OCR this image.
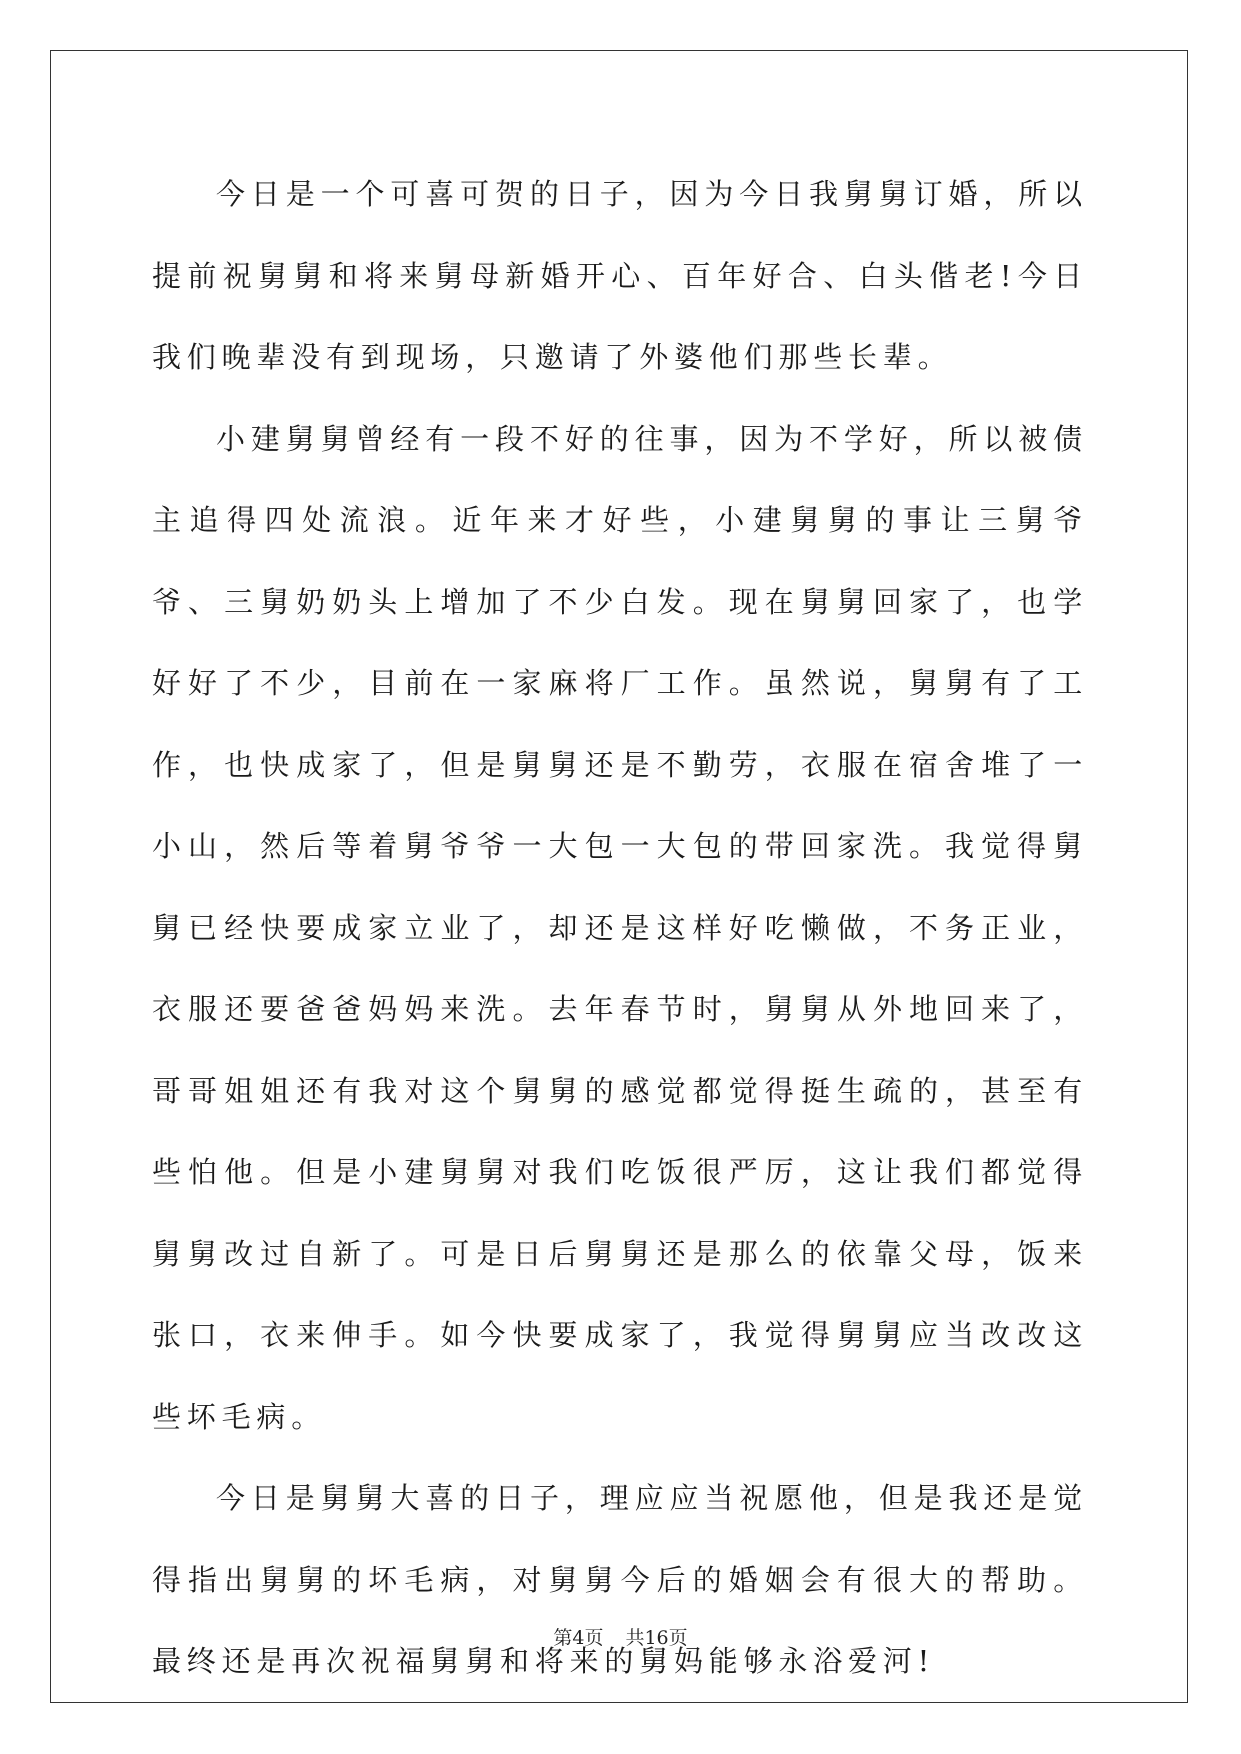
今日是一个可喜可贺的日子，因为今日我舅舅订婚，所以提前祝舅舅和将来舅母新婚开心、百年好合、白头偕老!今日我们晚辈没有到现场，只邀请了外婆他们那些长辈。

小建舅舅曾经有一段不好的往事，因为不学好，所以被债主追得四处流浪。近年来才好些，小建舅舅的事让三舅爷爷、三舅奶奶头上增加了不少白发。现在舅舅回家了，也学好好了不少，目前在一家麻将厂工作。虽然说，舅舅有了工作，也快成家了，但是舅舅还是不勤劳，衣服在宿舍堆了一小山，然后等着舅爷爷一大包一大包的带回家洗。我觉得舅舅已经快要成家立业了，却还是这样好吃懒做，不务正业，衣服还要爸爸妈妈来洗。去年春节时，舅舅从外地回来了，哥哥姐姐还有我对这个舅舅的感觉都觉得挺生疏的，甚至有些怕他。但是小建舅舅对我们吃饭很严厉，这让我们都觉得舅舅改过自新了。可是日后舅舅还是那么的依靠父母，饭来张口，衣来伸手。如今快要成家了，我觉得舅舅应当改改这些坏毛病。

今日是舅舅大喜的日子，理应应当祝愿他，但是我还是觉得指出舅舅的坏毛病，对舅舅今后的婚姻会有很大的帮助。最终还是再次祝福舅舅和将来的舅妈能够永浴爱河!

第4页 共16页
